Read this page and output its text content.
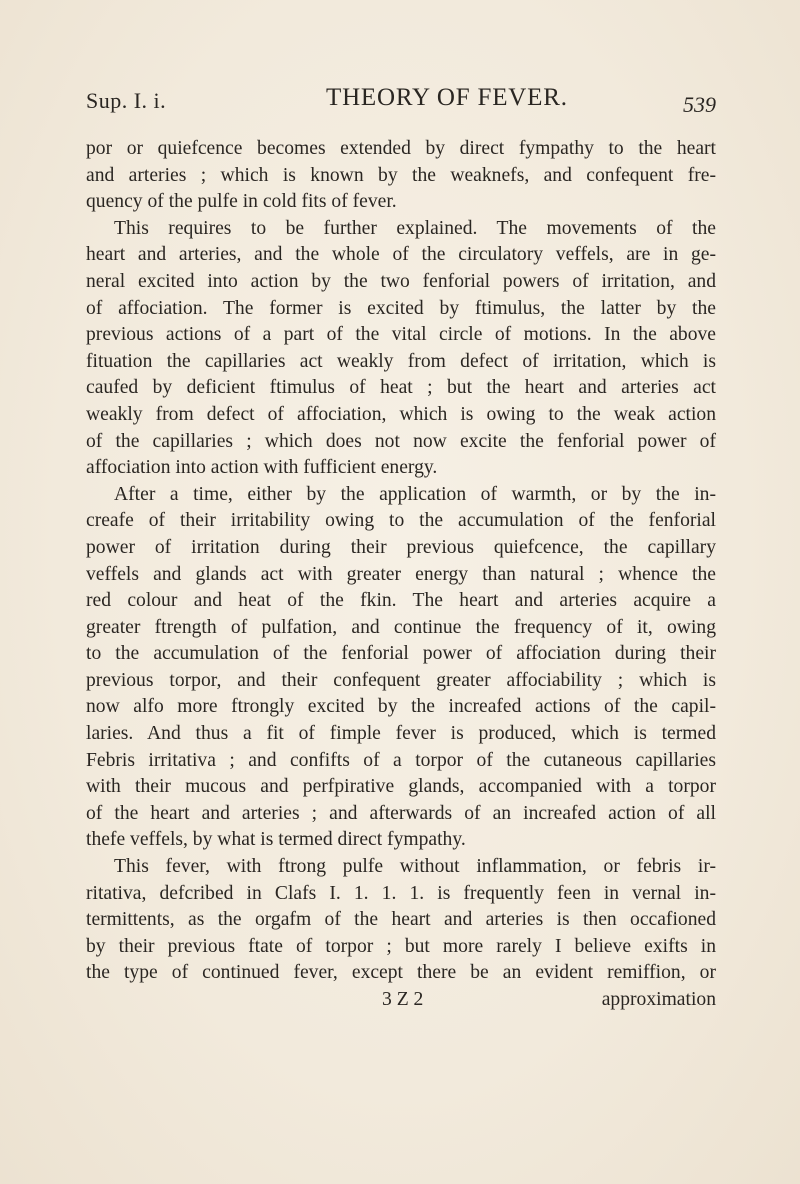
Sup. I. i.	THEORY OF FEVER.	539
por or quiefcence becomes extended by direct fympathy to the heart
and arteries ; which is known by the weaknefs, and confequent fre-
quency of the pulfe in cold fits of fever.
This requires to be further explained. The movements of the
heart and arteries, and the whole of the circulatory veffels, are in ge-
neral excited into action by the two fenforial powers of irritation, and
of affociation. The former is excited by ftimulus, the latter by the
previous actions of a part of the vital circle of motions. In the above
fituation the capillaries act weakly from defect of irritation, which is
caufed by deficient ftimulus of heat ; but the heart and arteries act
weakly from defect of affociation, which is owing to the weak action
of the capillaries ; which does not now excite the fenforial power of
affociation into action with fufficient energy.
After a time, either by the application of warmth, or by the in-
creafe of their irritability owing to the accumulation of the fenforial
power of irritation during their previous quiefcence, the capillary
veffels and glands act with greater energy than natural ; whence the
red colour and heat of the fkin. The heart and arteries acquire a
greater ftrength of pulfation, and continue the frequency of it, owing
to the accumulation of the fenforial power of affociation during their
previous torpor, and their confequent greater affociability ; which is
now alfo more ftrongly excited by the increafed actions of the capil-
laries. And thus a fit of fimple fever is produced, which is termed
Febris irritativa ; and confifts of a torpor of the cutaneous capillaries
with their mucous and perfpirative glands, accompanied with a torpor
of the heart and arteries ; and afterwards of an increafed action of all
thefe veffels, by what is termed direct fympathy.
This fever, with ftrong pulfe without inflammation, or febris ir-
ritativa, defcribed in Clafs I. 1. 1. 1. is frequently feen in vernal in-
termittents, as the orgafm of the heart and arteries is then occafioned
by their previous ftate of torpor ; but more rarely I believe exifts in
the type of continued fever, except there be an evident remiffion, or
3 Z 2	approximation
